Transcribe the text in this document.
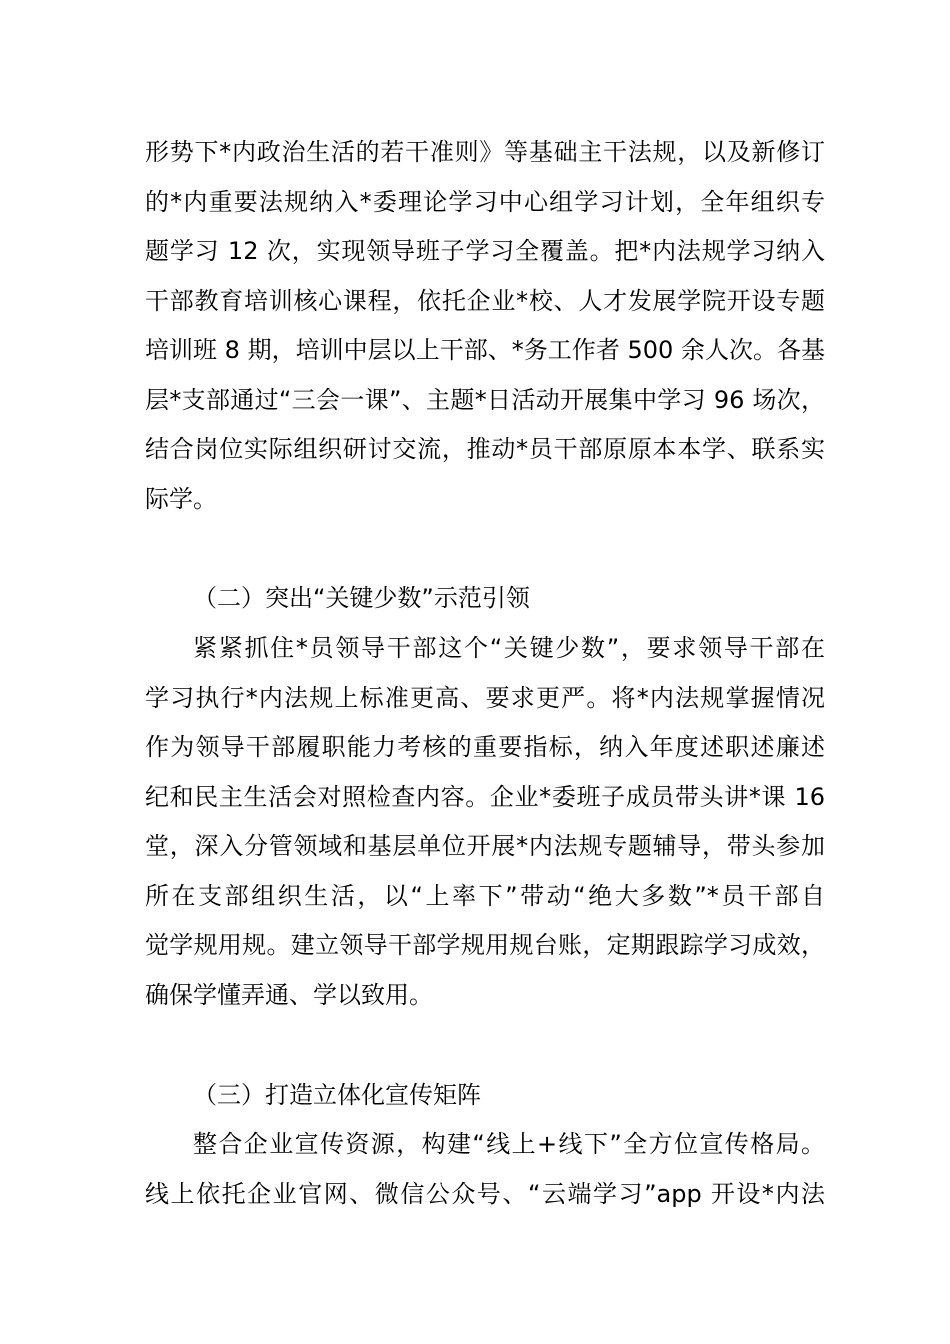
形势下*内政治生活的若干准则》等基础主干法规，以及新修订
的*内重要法规纳入*委理论学习中心组学习计划，全年组织专
题学习 12 次，实现领导班子学习全覆盖。把*内法规学习纳入
干部教育培训核心课程，依托企业*校、人才发展学院开设专题
培训班 8 期，培训中层以上干部、*务工作者 500 余人次。各基
层*支部通过“三会一课”、主题*日活动开展集中学习 96 场次，
结合岗位实际组织研讨交流，推动*员干部原原本本学、联系实
际学。
（二）突出“关键少数”示范引领
紧紧抓住*员领导干部这个“关键少数”，要求领导干部在
学习执行*内法规上标准更高、要求更严。将*内法规掌握情况
作为领导干部履职能力考核的重要指标，纳入年度述职述廉述
纪和民主生活会对照检查内容。企业*委班子成员带头讲*课 16
堂，深入分管领域和基层单位开展*内法规专题辅导，带头参加
所在支部组织生活，以“上率下”带动“绝大多数”*员干部自
觉学规用规。建立领导干部学规用规台账，定期跟踪学习成效，
确保学懂弄通、学以致用。
（三）打造立体化宣传矩阵
整合企业宣传资源，构建“线上+线下”全方位宣传格局。
线上依托企业官网、微信公众号、“云端学习”app 开设*内法
